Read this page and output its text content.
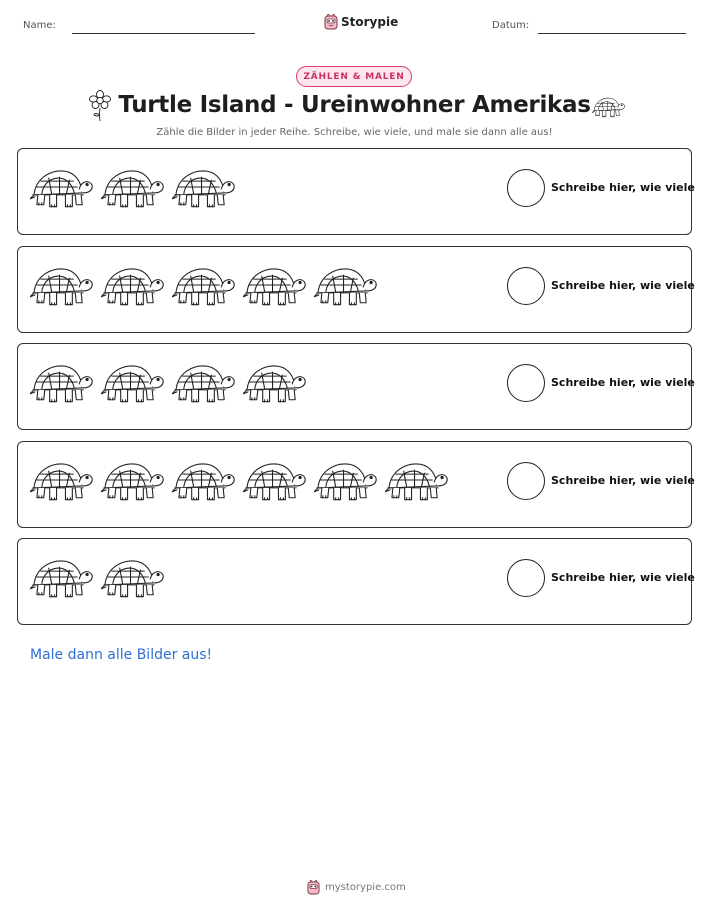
Name:	Storypie	Datum:
ZÄHLEN & MALEN
Turtle Island - Ureinwohner Amerikas
Zähle die Bilder in jeder Reihe. Schreibe, wie viele, und male sie dann alle aus!
Schreibe hier, wie viele
Schreibe hier, wie viele
Schreibe hier, wie viele
Schreibe hier, wie viele
Schreibe hier, wie viele
Male dann alle Bilder aus!
mystorypie.com
